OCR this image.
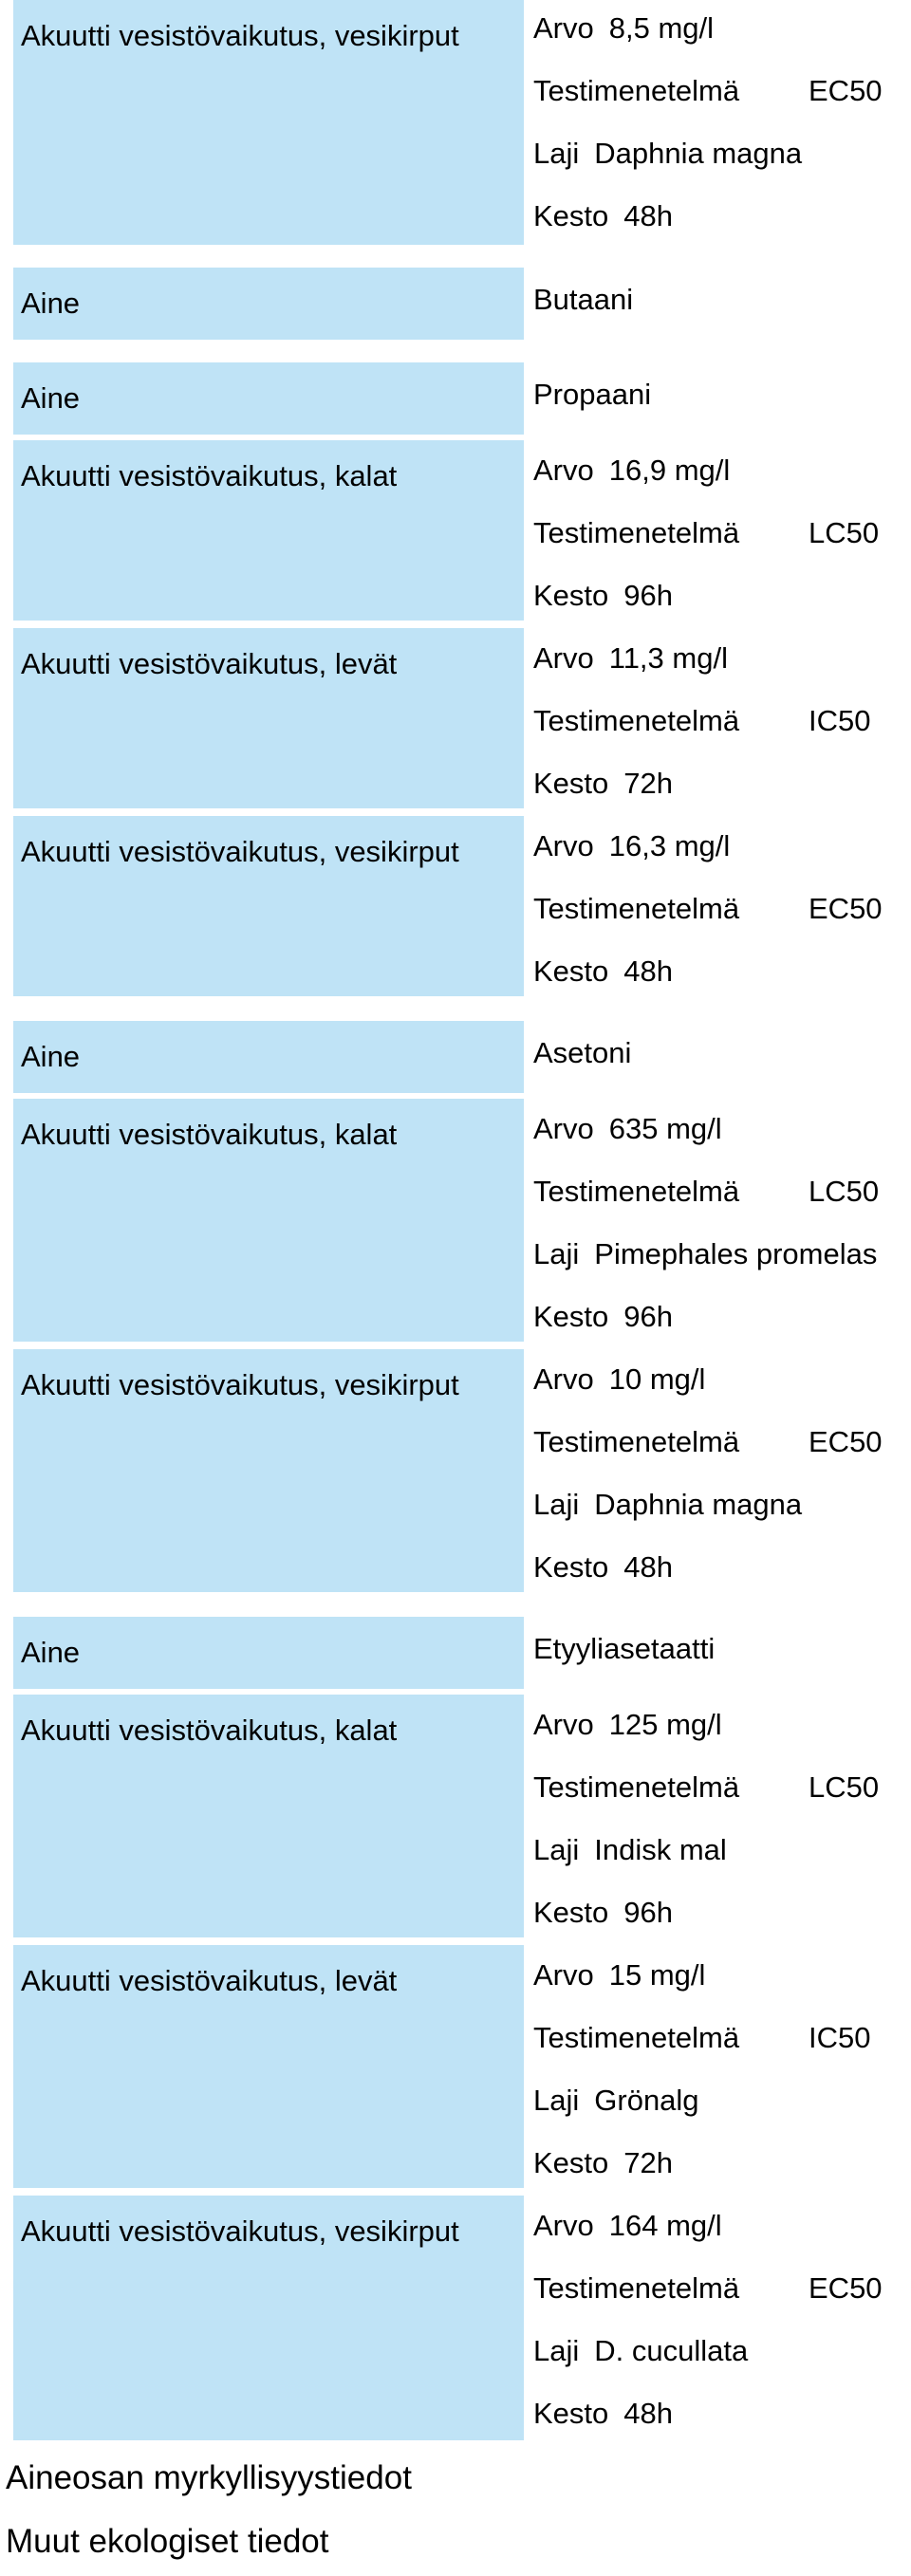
Akuutti vesistövaikutus, vesikirput	Arvo 8,5 mg/l
Testimenetelmä EC50
Laji Daphnia magna
Kesto 48h
Aine	Butaani
Aine	Propaani
Akuutti vesistövaikutus, kalat	Arvo 16,9 mg/l
Testimenetelmä LC50
Kesto 96h
Akuutti vesistövaikutus, levät	Arvo 11,3 mg/l
Testimenetelmä IC50
Kesto 72h
Akuutti vesistövaikutus, vesikirput	Arvo 16,3 mg/l
Testimenetelmä EC50
Kesto 48h
Aine	Asetoni
Akuutti vesistövaikutus, kalat	Arvo 635 mg/l
Testimenetelmä LC50
Laji Pimephales promelas
Kesto 96h
Akuutti vesistövaikutus, vesikirput	Arvo 10 mg/l
Testimenetelmä EC50
Laji Daphnia magna
Kesto 48h
Aine	Etyyliasetaatti
Akuutti vesistövaikutus, kalat	Arvo 125 mg/l
Testimenetelmä LC50
Laji Indisk mal
Kesto 96h
Akuutti vesistövaikutus, levät	Arvo 15 mg/l
Testimenetelmä IC50
Laji Grönalg
Kesto 72h
Akuutti vesistövaikutus, vesikirput	Arvo 164 mg/l
Testimenetelmä EC50
Laji D. cucullata
Kesto 48h
Aineosan myrkyllisyystiedot
Muut ekologiset tiedot
